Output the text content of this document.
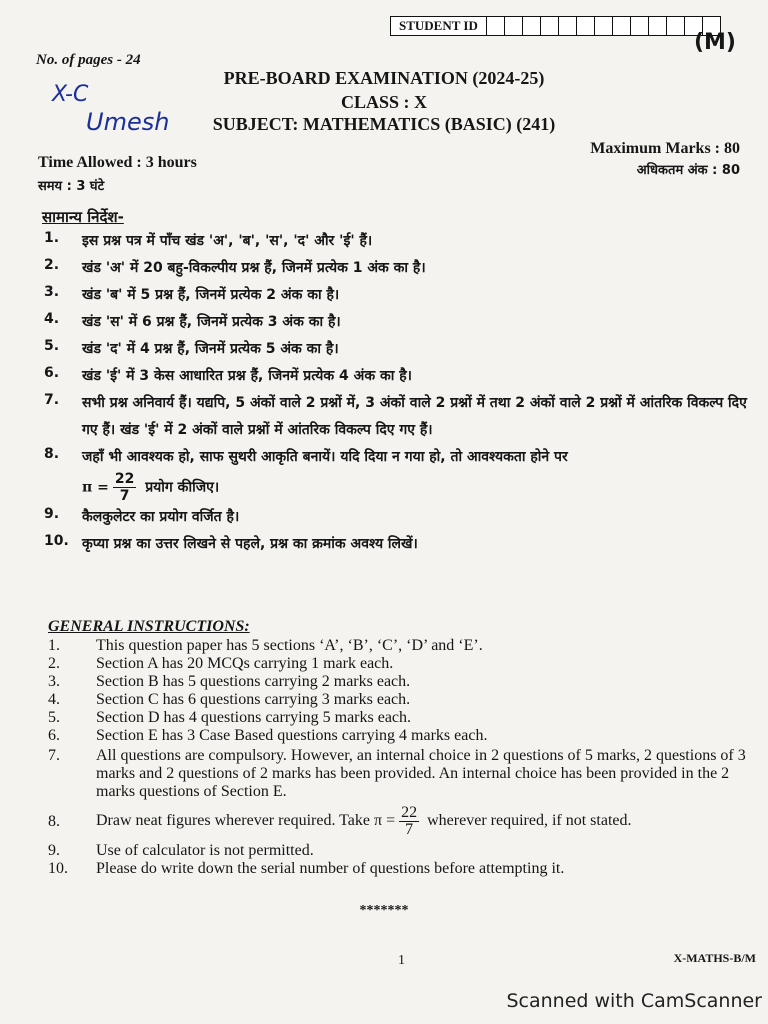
STUDENT ID
(M)
No. of pages - 24
X-C
Umesh
PRE-BOARD EXAMINATION (2024-25)
CLASS : X
SUBJECT: MATHEMATICS (BASIC) (241)
Time Allowed : 3 hours
समय : 3 घंटे
Maximum Marks : 80
अधिकतम अंक : 80
सामान्य निर्देश-
1.	इस प्रश्न पत्र में पाँच खंड 'अ', 'ब', 'स', 'द' और 'ई' हैं।
2.	खंड 'अ' में 20 बहु-विकल्पीय प्रश्न हैं, जिनमें प्रत्येक 1 अंक का है।
3.	खंड 'ब' में 5 प्रश्न हैं, जिनमें प्रत्येक 2 अंक का है।
4.	खंड 'स' में 6 प्रश्न हैं, जिनमें प्रत्येक 3 अंक का है।
5.	खंड 'द' में 4 प्रश्न हैं, जिनमें प्रत्येक 5 अंक का है।
6.	खंड 'ई' में 3 केस आधारित प्रश्न हैं, जिनमें प्रत्येक 4 अंक का है।
7.	सभी प्रश्न अनिवार्य हैं। यद्यपि, 5 अंकों वाले 2 प्रश्नों में, 3 अंकों वाले 2 प्रश्नों में तथा 2 अंकों वाले 2 प्रश्नों में आंतरिक विकल्प दिए गए हैं। खंड 'ई' में 2 अंकों वाले प्रश्नों में आंतरिक विकल्प दिए गए हैं।
8.	जहाँ भी आवश्यक हो, साफ सुथरी आकृति बनायें। यदि दिया न गया हो, तो आवश्यकता होने पर
$\pi = \frac{22}{7}$ प्रयोग कीजिए।
9.	कैलकुलेटर का प्रयोग वर्जित है।
10. कृप्या प्रश्न का उत्तर लिखने से पहले, प्रश्न का क्रमांक अवश्य लिखें।
GENERAL INSTRUCTIONS:
1.	This question paper has 5 sections ‘A’, ‘B’, ‘C’, ‘D’ and ‘E’.
2.	Section A has 20 MCQs carrying 1 mark each.
3.	Section B has 5 questions carrying 2 marks each.
4.	Section C has 6 questions carrying 3 marks each.
5.	Section D has 4 questions carrying 5 marks each.
6.	Section E has 3 Case Based questions carrying 4 marks each.
7.	All questions are compulsory. However, an internal choice in 2 questions of 5 marks, 2 questions of 3 marks and 2 questions of 2 marks has been provided. An internal choice has been provided in the 2 marks questions of Section E.
8.	Draw neat figures wherever required. Take $\pi = \frac{22}{7}$ wherever required, if not stated.
9.	Use of calculator is not permitted.
10.	Please do write down the serial number of questions before attempting it.
*******
1	X-MATHS-B/M
Scanned with CamScanner
